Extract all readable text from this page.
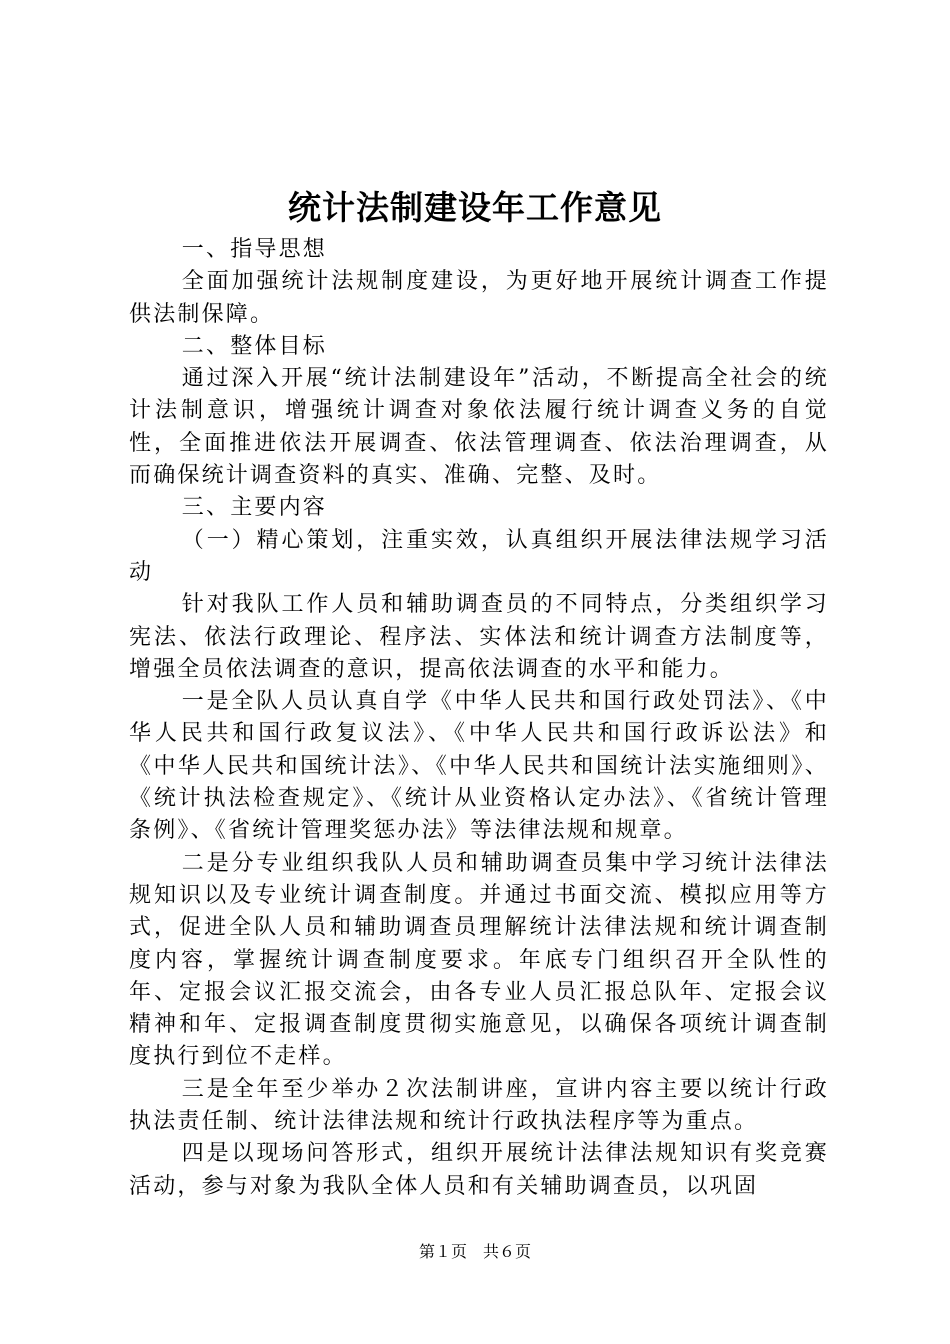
统计法制建设年工作意见

一、指导思想

全面加强统计法规制度建设，为更好地开展统计调查工作提供法制保障。

二、整体目标

通过深入开展“统计法制建设年”活动，不断提高全社会的统计法制意识，增强统计调查对象依法履行统计调查义务的自觉性，全面推进依法开展调查、依法管理调查、依法治理调查，从而确保统计调查资料的真实、准确、完整、及时。

三、主要内容

（一）精心策划，注重实效，认真组织开展法律法规学习活动

针对我队工作人员和辅助调查员的不同特点，分类组织学习宪法、依法行政理论、程序法、实体法和统计调查方法制度等，增强全员依法调查的意识，提高依法调查的水平和能力。

一是全队人员认真自学《中华人民共和国行政处罚法》、《中华人民共和国行政复议法》、《中华人民共和国行政诉讼法》和《中华人民共和国统计法》、《中华人民共和国统计法实施细则》、《统计执法检查规定》、《统计从业资格认定办法》、《省统计管理条例》、《省统计管理奖惩办法》等法律法规和规章。

二是分专业组织我队人员和辅助调查员集中学习统计法律法规知识以及专业统计调查制度。并通过书面交流、模拟应用等方式，促进全队人员和辅助调查员理解统计法律法规和统计调查制度内容，掌握统计调查制度要求。年底专门组织召开全队性的年、定报会议汇报交流会，由各专业人员汇报总队年、定报会议精神和年、定报调查制度贯彻实施意见，以确保各项统计调查制度执行到位不走样。

三是全年至少举办２次法制讲座，宣讲内容主要以统计行政执法责任制、统计法律法规和统计行政执法程序等为重点。

四是以现场问答形式，组织开展统计法律法规知识有奖竞赛活动，参与对象为我队全体人员和有关辅助调查员，以巩固

第１页　共６页
